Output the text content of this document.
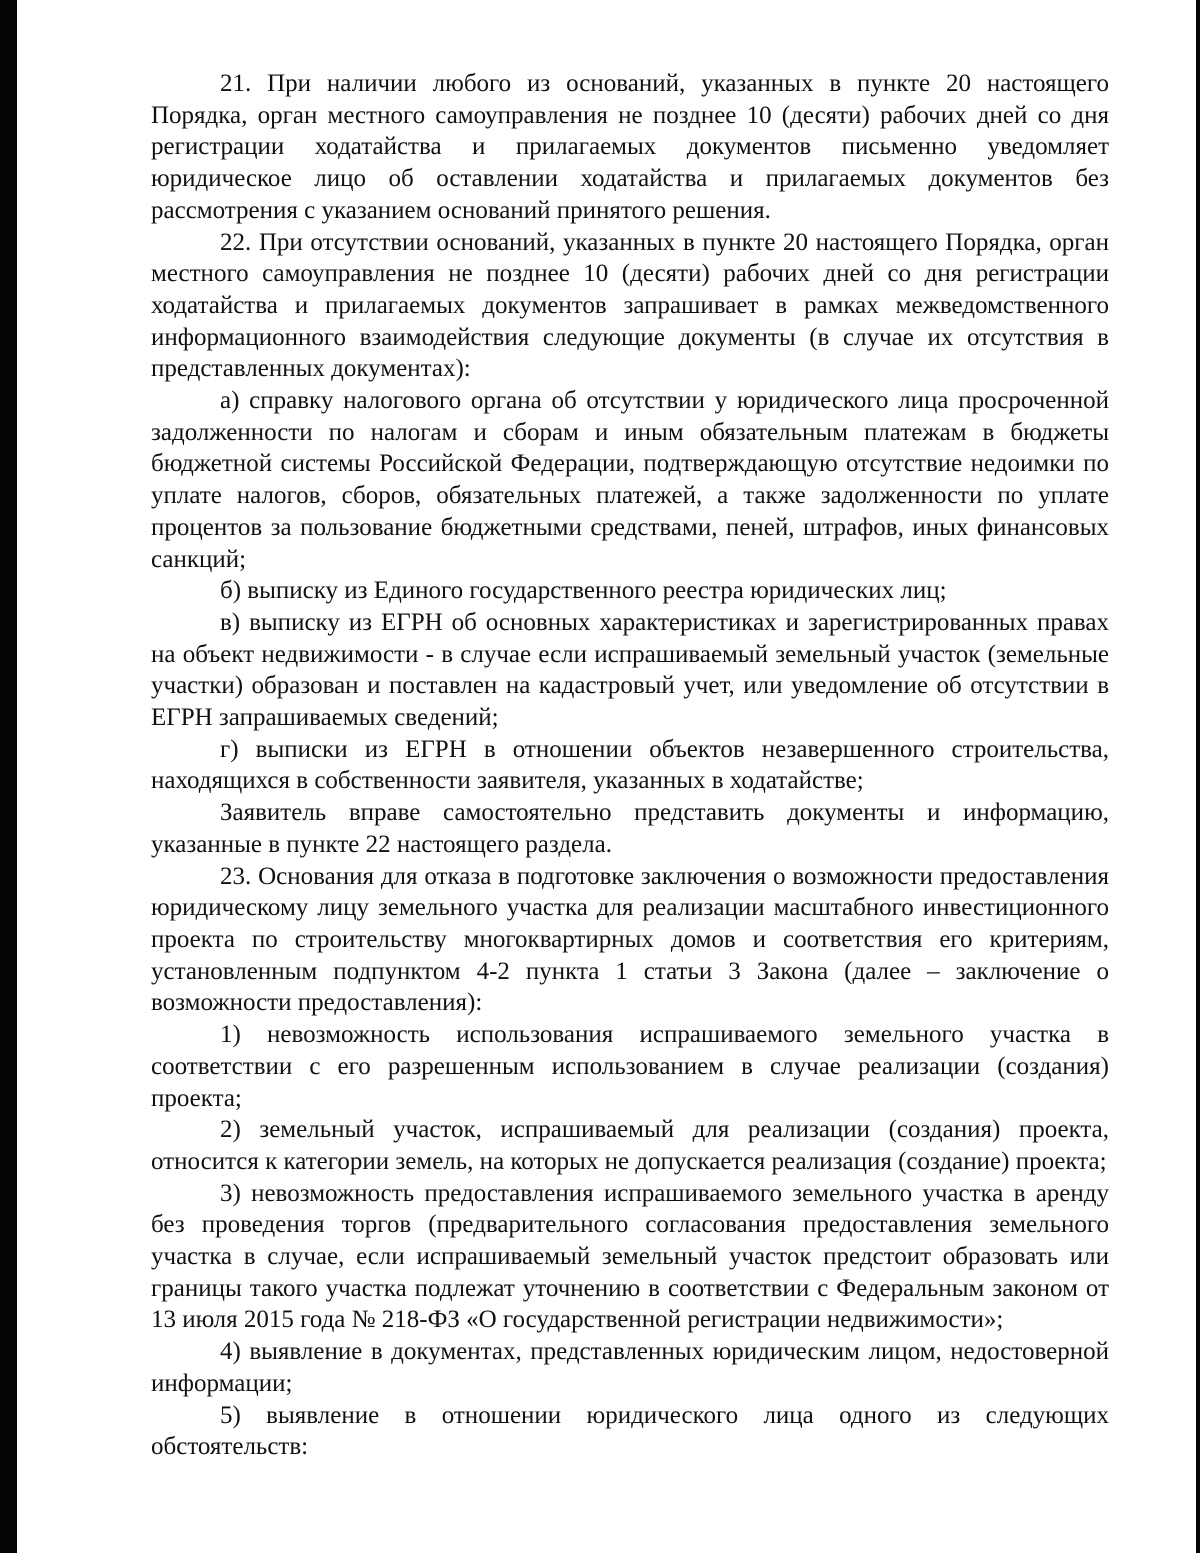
21. При наличии любого из оснований, указанных в пункте 20 настоящего Порядка, орган местного самоуправления не позднее 10 (десяти) рабочих дней со дня регистрации ходатайства и прилагаемых документов письменно уведомляет юридическое лицо об оставлении ходатайства и прилагаемых документов без рассмотрения с указанием оснований принятого решения.

22. При отсутствии оснований, указанных в пункте 20 настоящего Порядка, орган местного самоуправления не позднее 10 (десяти) рабочих дней со дня регистрации ходатайства и прилагаемых документов запрашивает в рамках межведомственного информационного взаимодействия следующие документы (в случае их отсутствия в представленных документах):

а) справку налогового органа об отсутствии у юридического лица просроченной задолженности по налогам и сборам и иным обязательным платежам в бюджеты бюджетной системы Российской Федерации, подтверждающую отсутствие недоимки по уплате налогов, сборов, обязательных платежей, а также задолженности по уплате процентов за пользование бюджетными средствами, пеней, штрафов, иных финансовых санкций;

б) выписку из Единого государственного реестра юридических лиц;

в) выписку из ЕГРН об основных характеристиках и зарегистрированных правах на объект недвижимости - в случае если испрашиваемый земельный участок (земельные участки) образован и поставлен на кадастровый учет, или уведомление об отсутствии в ЕГРН запрашиваемых сведений;

г) выписки из ЕГРН в отношении объектов незавершенного строительства, находящихся в собственности заявителя, указанных в ходатайстве;

Заявитель вправе самостоятельно представить документы и информацию, указанные в пункте 22 настоящего раздела.

23. Основания для отказа в подготовке заключения о возможности предоставления юридическому лицу земельного участка для реализации масштабного инвестиционного проекта по строительству многоквартирных домов и соответствия его критериям, установленным подпунктом 4-2 пункта 1 статьи 3 Закона (далее – заключение о возможности предоставления):

1) невозможность использования испрашиваемого земельного участка в соответствии с его разрешенным использованием в случае реализации (создания) проекта;

2) земельный участок, испрашиваемый для реализации (создания) проекта, относится к категории земель, на которых не допускается реализация (создание) проекта;

3) невозможность предоставления испрашиваемого земельного участка в аренду без проведения торгов (предварительного согласования предоставления земельного участка в случае, если испрашиваемый земельный участок предстоит образовать или границы такого участка подлежат уточнению в соответствии с Федеральным законом от 13 июля 2015 года № 218-ФЗ «О государственной регистрации недвижимости»;

4) выявление в документах, представленных юридическим лицом, недостоверной информации;

5) выявление в отношении юридического лица одного из следующих обстоятельств:
